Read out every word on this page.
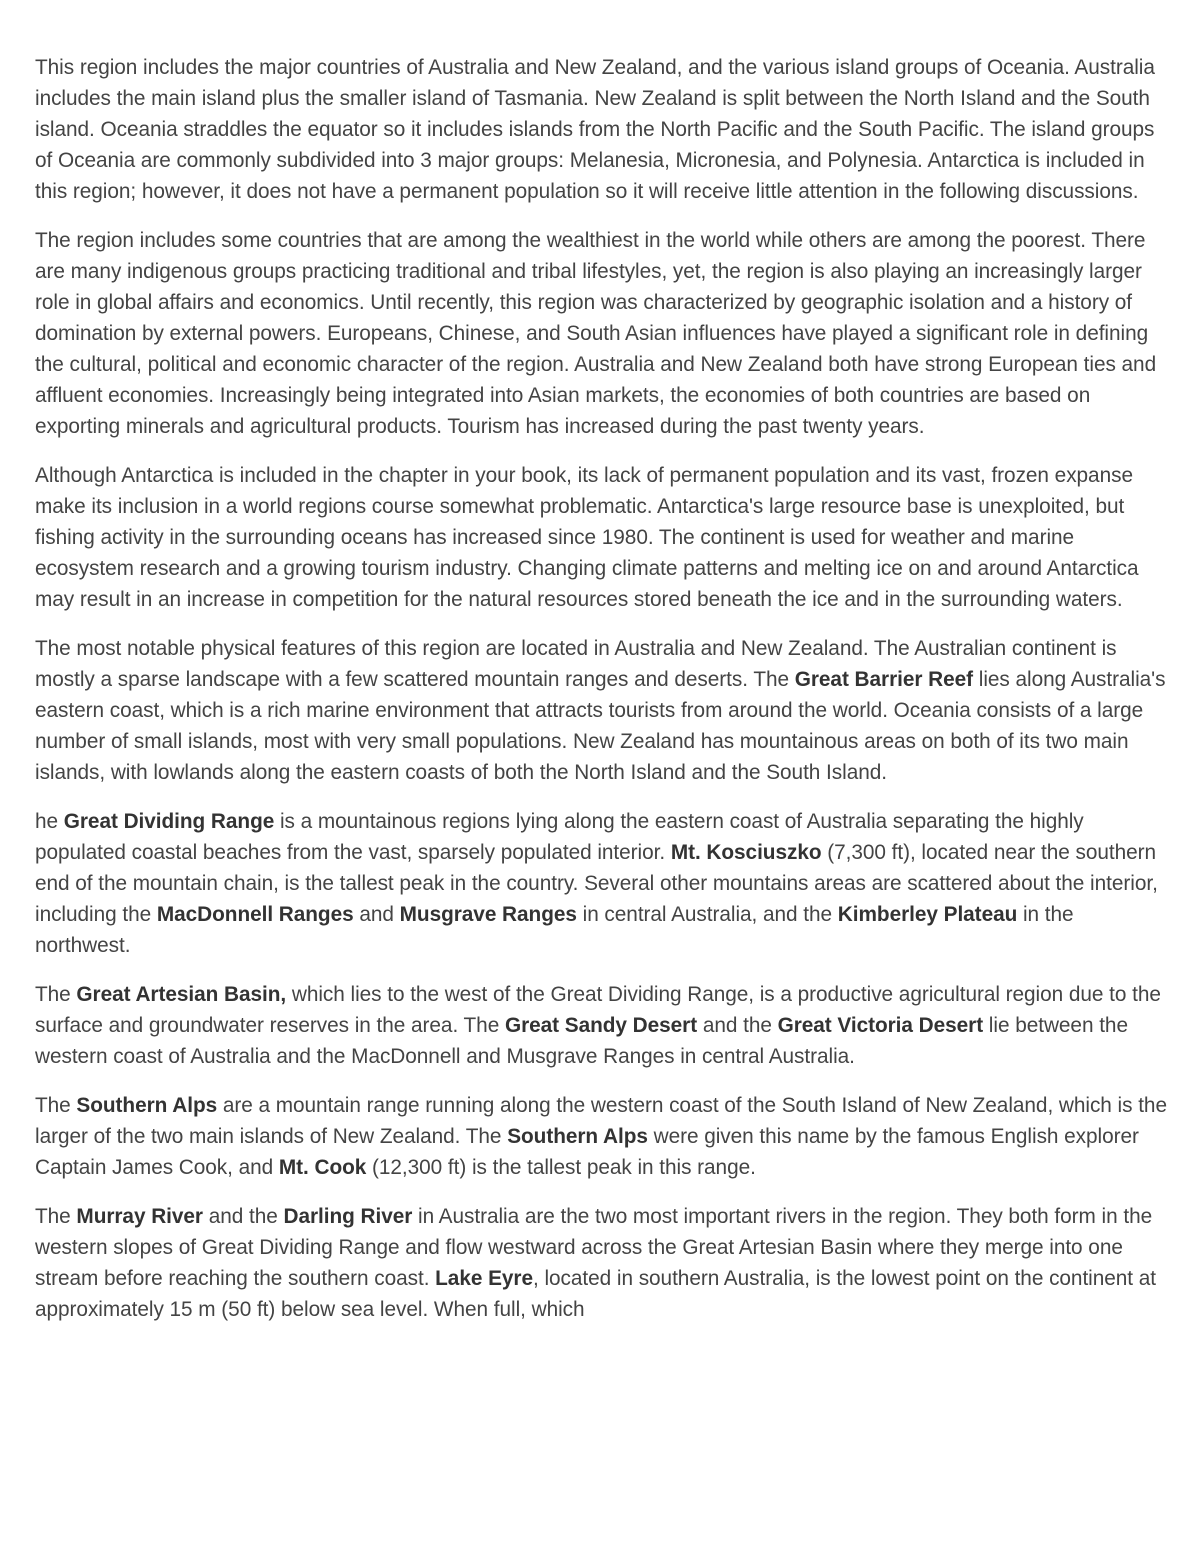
This region includes the major countries of Australia and New Zealand, and the various island groups of Oceania. Australia includes the main island plus the smaller island of Tasmania. New Zealand is split between the North Island and the South island. Oceania straddles the equator so it includes islands from the North Pacific and the South Pacific. The island groups of Oceania are commonly subdivided into 3 major groups: Melanesia, Micronesia, and Polynesia. Antarctica is included in this region; however, it does not have a permanent population so it will receive little attention in the following discussions.

The region includes some countries that are among the wealthiest in the world while others are among the poorest. There are many indigenous groups practicing traditional and tribal lifestyles, yet, the region is also playing an increasingly larger role in global affairs and economics. Until recently, this region was characterized by geographic isolation and a history of domination by external powers. Europeans, Chinese, and South Asian influences have played a significant role in defining the cultural, political and economic character of the region. Australia and New Zealand both have strong European ties and affluent economies. Increasingly being integrated into Asian markets, the economies of both countries are based on exporting minerals and agricultural products. Tourism has increased during the past twenty years.

Although Antarctica is included in the chapter in your book, its lack of permanent population and its vast, frozen expanse make its inclusion in a world regions course somewhat problematic. Antarctica's large resource base is unexploited, but fishing activity in the surrounding oceans has increased since 1980. The continent is used for weather and marine ecosystem research and a growing tourism industry. Changing climate patterns and melting ice on and around Antarctica may result in an increase in competition for the natural resources stored beneath the ice and in the surrounding waters.

The most notable physical features of this region are located in Australia and New Zealand. The Australian continent is mostly a sparse landscape with a few scattered mountain ranges and deserts. The Great Barrier Reef lies along Australia's eastern coast, which is a rich marine environment that attracts tourists from around the world. Oceania consists of a large number of small islands, most with very small populations. New Zealand has mountainous areas on both of its two main islands, with lowlands along the eastern coasts of both the North Island and the South Island.

he Great Dividing Range is a mountainous regions lying along the eastern coast of Australia separating the highly populated coastal beaches from the vast, sparsely populated interior. Mt. Kosciuszko (7,300 ft), located near the southern end of the mountain chain, is the tallest peak in the country. Several other mountains areas are scattered about the interior, including the MacDonnell Ranges and Musgrave Ranges in central Australia, and the Kimberley Plateau in the northwest.

The Great Artesian Basin, which lies to the west of the Great Dividing Range, is a productive agricultural region due to the surface and groundwater reserves in the area. The Great Sandy Desert and the Great Victoria Desert lie between the western coast of Australia and the MacDonnell and Musgrave Ranges in central Australia.

The Southern Alps are a mountain range running along the western coast of the South Island of New Zealand, which is the larger of the two main islands of New Zealand. The Southern Alps were given this name by the famous English explorer Captain James Cook, and Mt. Cook (12,300 ft) is the tallest peak in this range.

The Murray River and the Darling River in Australia are the two most important rivers in the region. They both form in the western slopes of Great Dividing Range and flow westward across the Great Artesian Basin where they merge into one stream before reaching the southern coast. Lake Eyre, located in southern Australia, is the lowest point on the continent at approximately 15 m (50 ft) below sea level. When full, which
